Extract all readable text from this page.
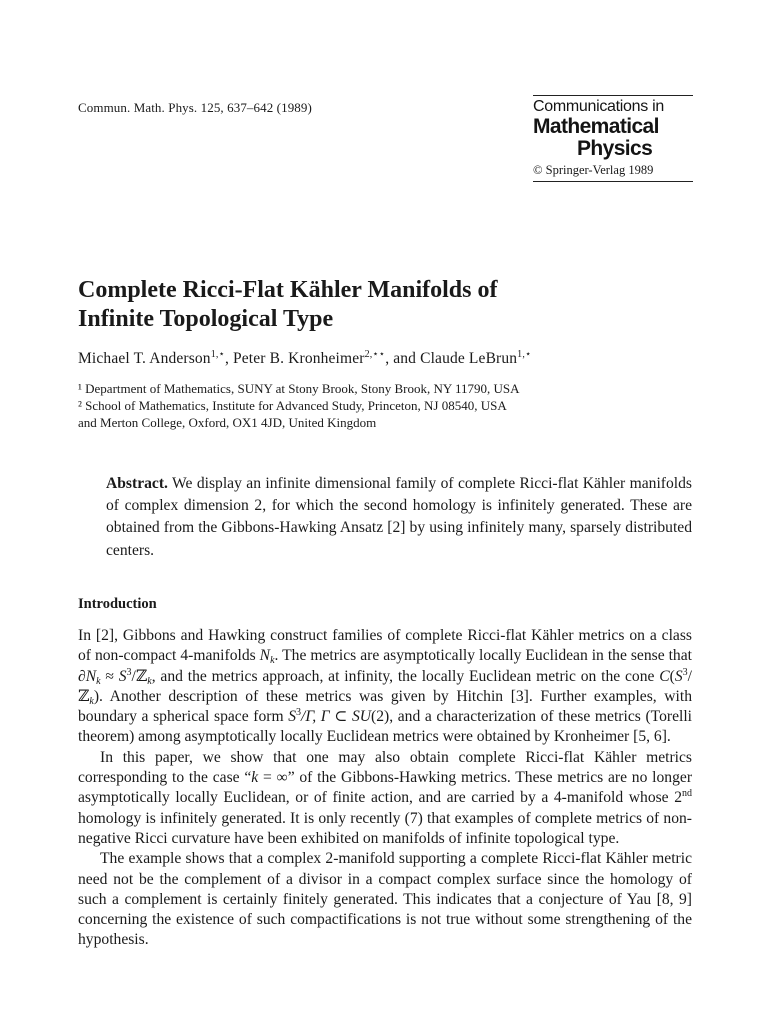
Commun. Math. Phys. 125, 637–642 (1989)	Communications in
Mathematical
Physics
© Springer-Verlag 1989
Complete Ricci-Flat Kähler Manifolds of
Infinite Topological Type
Michael T. Anderson$^{1,⋆}$, Peter B. Kronheimer$^{2,⋆⋆}$, and Claude LeBrun$^{1,⋆}$
¹ Department of Mathematics, SUNY at Stony Brook, Stony Brook, NY 11790, USA
² School of Mathematics, Institute for Advanced Study, Princeton, NJ 08540, USA
and Merton College, Oxford, OX1 4JD, United Kingdom
Abstract. We display an infinite dimensional family of complete Ricci-flat Kähler manifolds of complex dimension 2, for which the second homology is infinitely generated. These are obtained from the Gibbons-Hawking Ansatz [2] by using infinitely many, sparsely distributed centers.
Introduction

In [2], Gibbons and Hawking construct families of complete Ricci-flat Kähler metrics on a class of non-compact 4-manifolds $N_k$. The metrics are asymptotically locally Euclidean in the sense that $\partial N_k$ ≈ $S^3/ℤ_k$, and the metrics approach, at infinity, the locally Euclidean metric on the cone $C(S^3/ℤ_k)$. Another description of these metrics was given by Hitchin [3]. Further examples, with boundary a spherical space form $S^3/\Gamma$, Γ ⊂ SU(2), and a characterization of these metrics (Torelli theorem) among asymptotically locally Euclidean metrics were obtained by Kronheimer [5, 6].

In this paper, we show that one may also obtain complete Ricci-flat Kähler metrics corresponding to the case “k = ∞” of the Gibbons-Hawking metrics. These metrics are no longer asymptotically locally Euclidean, or of finite action, and are carried by a 4-manifold whose 2nd homology is infinitely generated. It is only recently (7) that examples of complete metrics of non-negative Ricci curvature have been exhibited on manifolds of infinite topological type.

The example shows that a complex 2-manifold supporting a complete Ricci-flat Kähler metric need not be the complement of a divisor in a compact complex surface since the homology of such a complement is certainly finitely generated. This indicates that a conjecture of Yau [8, 9] concerning the existence of such compactifications is not true without some strengthening of the hypothesis.
